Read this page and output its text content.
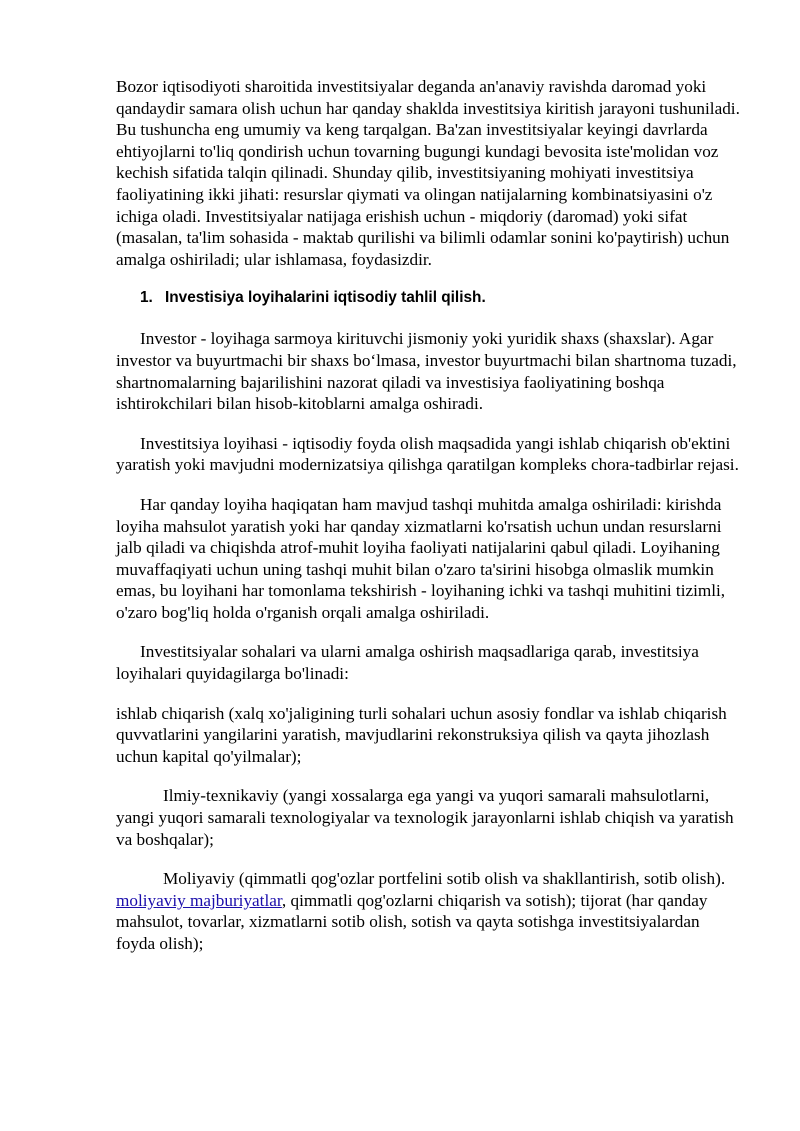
Bozor iqtisodiyoti sharoitida investitsiyalar deganda an'anaviy ravishda daromad yoki qandaydir samara olish uchun har qanday shaklda investitsiya kiritish jarayoni tushuniladi. Bu tushuncha eng umumiy va keng tarqalgan. Ba'zan investitsiyalar keyingi davrlarda ehtiyojlarni to'liq qondirish uchun tovarning bugungi kundagi bevosita iste'molidan voz kechish sifatida talqin qilinadi. Shunday qilib, investitsiyaning mohiyati investitsiya faoliyatining ikki jihati: resurslar qiymati va olingan natijalarning kombinatsiyasini o'z ichiga oladi. Investitsiyalar natijaga erishish uchun - miqdoriy (daromad) yoki sifat (masalan, ta'lim sohasida - maktab qurilishi va bilimli odamlar sonini ko'paytirish) uchun amalga oshiriladi; ular ishlamasa, foydasizdir.

1. Investisiya loyihalarini iqtisodiy tahlil qilish.

Investor - loyihaga sarmoya kirituvchi jismoniy yoki yuridik shaxs (shaxslar). Agar investor va buyurtmachi bir shaxs bo‘lmasa, investor buyurtmachi bilan shartnoma tuzadi, shartnomalarning bajarilishini nazorat qiladi va investisiya faoliyatining boshqa ishtirokchilari bilan hisob-kitoblarni amalga oshiradi.

Investitsiya loyihasi - iqtisodiy foyda olish maqsadida yangi ishlab chiqarish ob'ektini yaratish yoki mavjudni modernizatsiya qilishga qaratilgan kompleks chora-tadbirlar rejasi.

Har qanday loyiha haqiqatan ham mavjud tashqi muhitda amalga oshiriladi: kirishda loyiha mahsulot yaratish yoki har qanday xizmatlarni ko'rsatish uchun undan resurslarni jalb qiladi va chiqishda atrof-muhit loyiha faoliyati natijalarini qabul qiladi. Loyihaning muvaffaqiyati uchun uning tashqi muhit bilan o'zaro ta'sirini hisobga olmaslik mumkin emas, bu loyihani har tomonlama tekshirish - loyihaning ichki va tashqi muhitini tizimli, o'zaro bog'liq holda o'rganish orqali amalga oshiriladi.

Investitsiyalar sohalari va ularni amalga oshirish maqsadlariga qarab, investitsiya loyihalari quyidagilarga bo'linadi:

ishlab chiqarish (xalq xo'jaligining turli sohalari uchun asosiy fondlar va ishlab chiqarish quvvatlarini yangilarini yaratish, mavjudlarini rekonstruksiya qilish va qayta jihozlash uchun kapital qo'yilmalar);

Ilmiy-texnikaviy (yangi xossalarga ega yangi va yuqori samarali mahsulotlarni, yangi yuqori samarali texnologiyalar va texnologik jarayonlarni ishlab chiqish va yaratish va boshqalar);

Moliyaviy (qimmatli qog'ozlar portfelini sotib olish va shakllantirish, sotib olish). moliyaviy majburiyatlar, qimmatli qog'ozlarni chiqarish va sotish); tijorat (har qanday mahsulot, tovarlar, xizmatlarni sotib olish, sotish va qayta sotishga investitsiyalardan foyda olish);
